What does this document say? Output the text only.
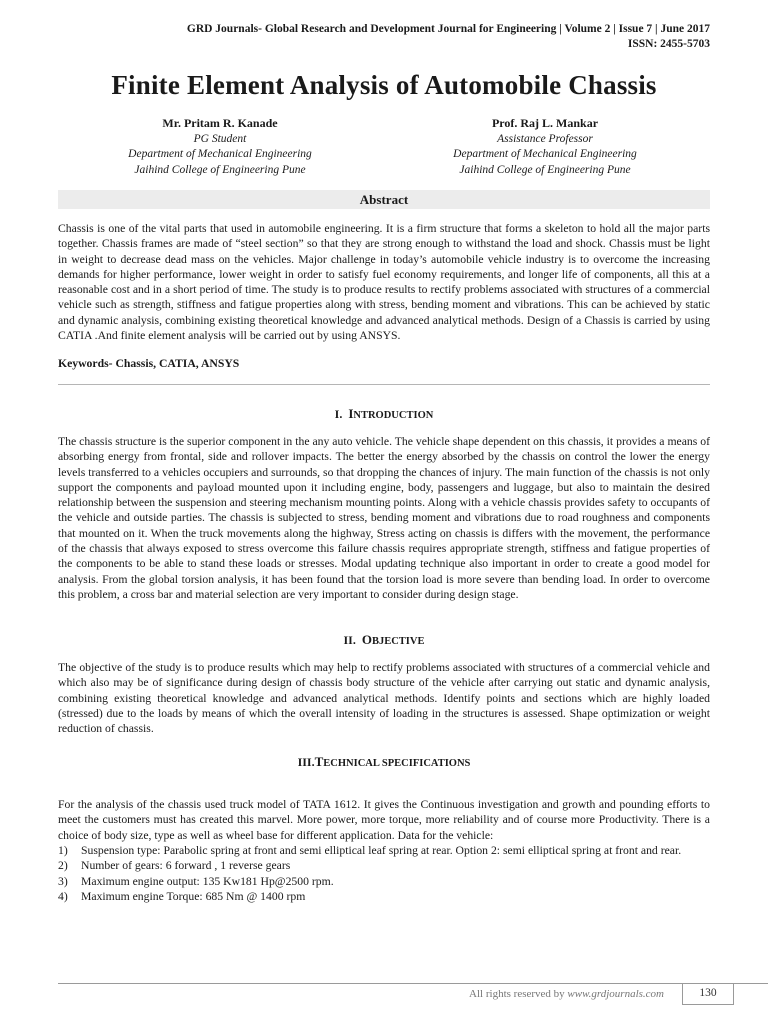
GRD Journals- Global Research and Development Journal for Engineering | Volume 2 | Issue 7 | June 2017
ISSN: 2455-5703
Finite Element Analysis of Automobile Chassis
Mr. Pritam R. Kanade
PG Student
Department of Mechanical Engineering
Jaihind College of Engineering Pune
Prof. Raj L. Mankar
Assistance Professor
Department of Mechanical Engineering
Jaihind College of Engineering Pune
Abstract

Chassis is one of the vital parts that used in automobile engineering. It is a firm structure that forms a skeleton to hold all the major parts together. Chassis frames are made of “steel section” so that they are strong enough to withstand the load and shock. Chassis must be light in weight to decrease dead mass on the vehicles. Major challenge in today’s automobile vehicle industry is to overcome the increasing demands for higher performance, lower weight in order to satisfy fuel economy requirements, and longer life of components, all this at a reasonable cost and in a short period of time. The study is to produce results to rectify problems associated with structures of a commercial vehicle such as strength, stiffness and fatigue properties along with stress, bending moment and vibrations. This can be achieved by static and dynamic analysis, combining existing theoretical knowledge and advanced analytical methods. Design of a Chassis is carried by using CATIA .And finite element analysis will be carried out by using ANSYS.

Keywords- Chassis, CATIA, ANSYS
I. INTRODUCTION

The chassis structure is the superior component in the any auto vehicle. The vehicle shape dependent on this chassis, it provides a means of absorbing energy from frontal, side and rollover impacts. The better the energy absorbed by the chassis on control the lower the energy levels transferred to a vehicles occupiers and surrounds, so that dropping the chances of injury. The main function of the chassis is not only support the components and payload mounted upon it including engine, body, passengers and luggage, but also to maintain the desired relationship between the suspension and steering mechanism mounting points. Along with a vehicle chassis provides safety to occupants of the vehicle and outside parties. The chassis is subjected to stress, bending moment and vibrations due to road roughness and components that mounted on it. When the truck movements along the highway, Stress acting on chassis is differs with the movement, the performance of the chassis that always exposed to stress overcome this failure chassis requires appropriate strength, stiffness and fatigue properties of the components to be able to stand these loads or stresses. Modal updating technique also important in order to create a good model for analysis. From the global torsion analysis, it has been found that the torsion load is more severe than bending load. In order to overcome this problem, a cross bar and material selection are very important to consider during design stage.

II. OBJECTIVE

The objective of the study is to produce results which may help to rectify problems associated with structures of a commercial vehicle and which also may be of significance during design of chassis body structure of the vehicle after carrying out static and dynamic analysis, combining existing theoretical knowledge and advanced analytical methods. Identify points and sections which are highly loaded (stressed) due to the loads by means of which the overall intensity of loading in the structures is assessed. Shape optimization or weight reduction of chassis.

III.TECHNICAL SPECIFICATIONS

For the analysis of the chassis used truck model of TATA 1612. It gives the Continuous investigation and growth and pounding efforts to meet the customers must has created this marvel. More power, more torque, more reliability and of course more Productivity. There is a choice of body size, type as well as wheel base for different application. Data for the vehicle:

1)	Suspension type: Parabolic spring at front and semi elliptical leaf spring at rear. Option 2: semi elliptical spring at front and rear.
2)	Number of gears: 6 forward , 1 reverse gears
3)	Maximum engine output: 135 Kw181 Hp@2500 rpm.
4)	Maximum engine Torque: 685 Nm @ 1400 rpm
All rights reserved by www.grdjournals.com	130
